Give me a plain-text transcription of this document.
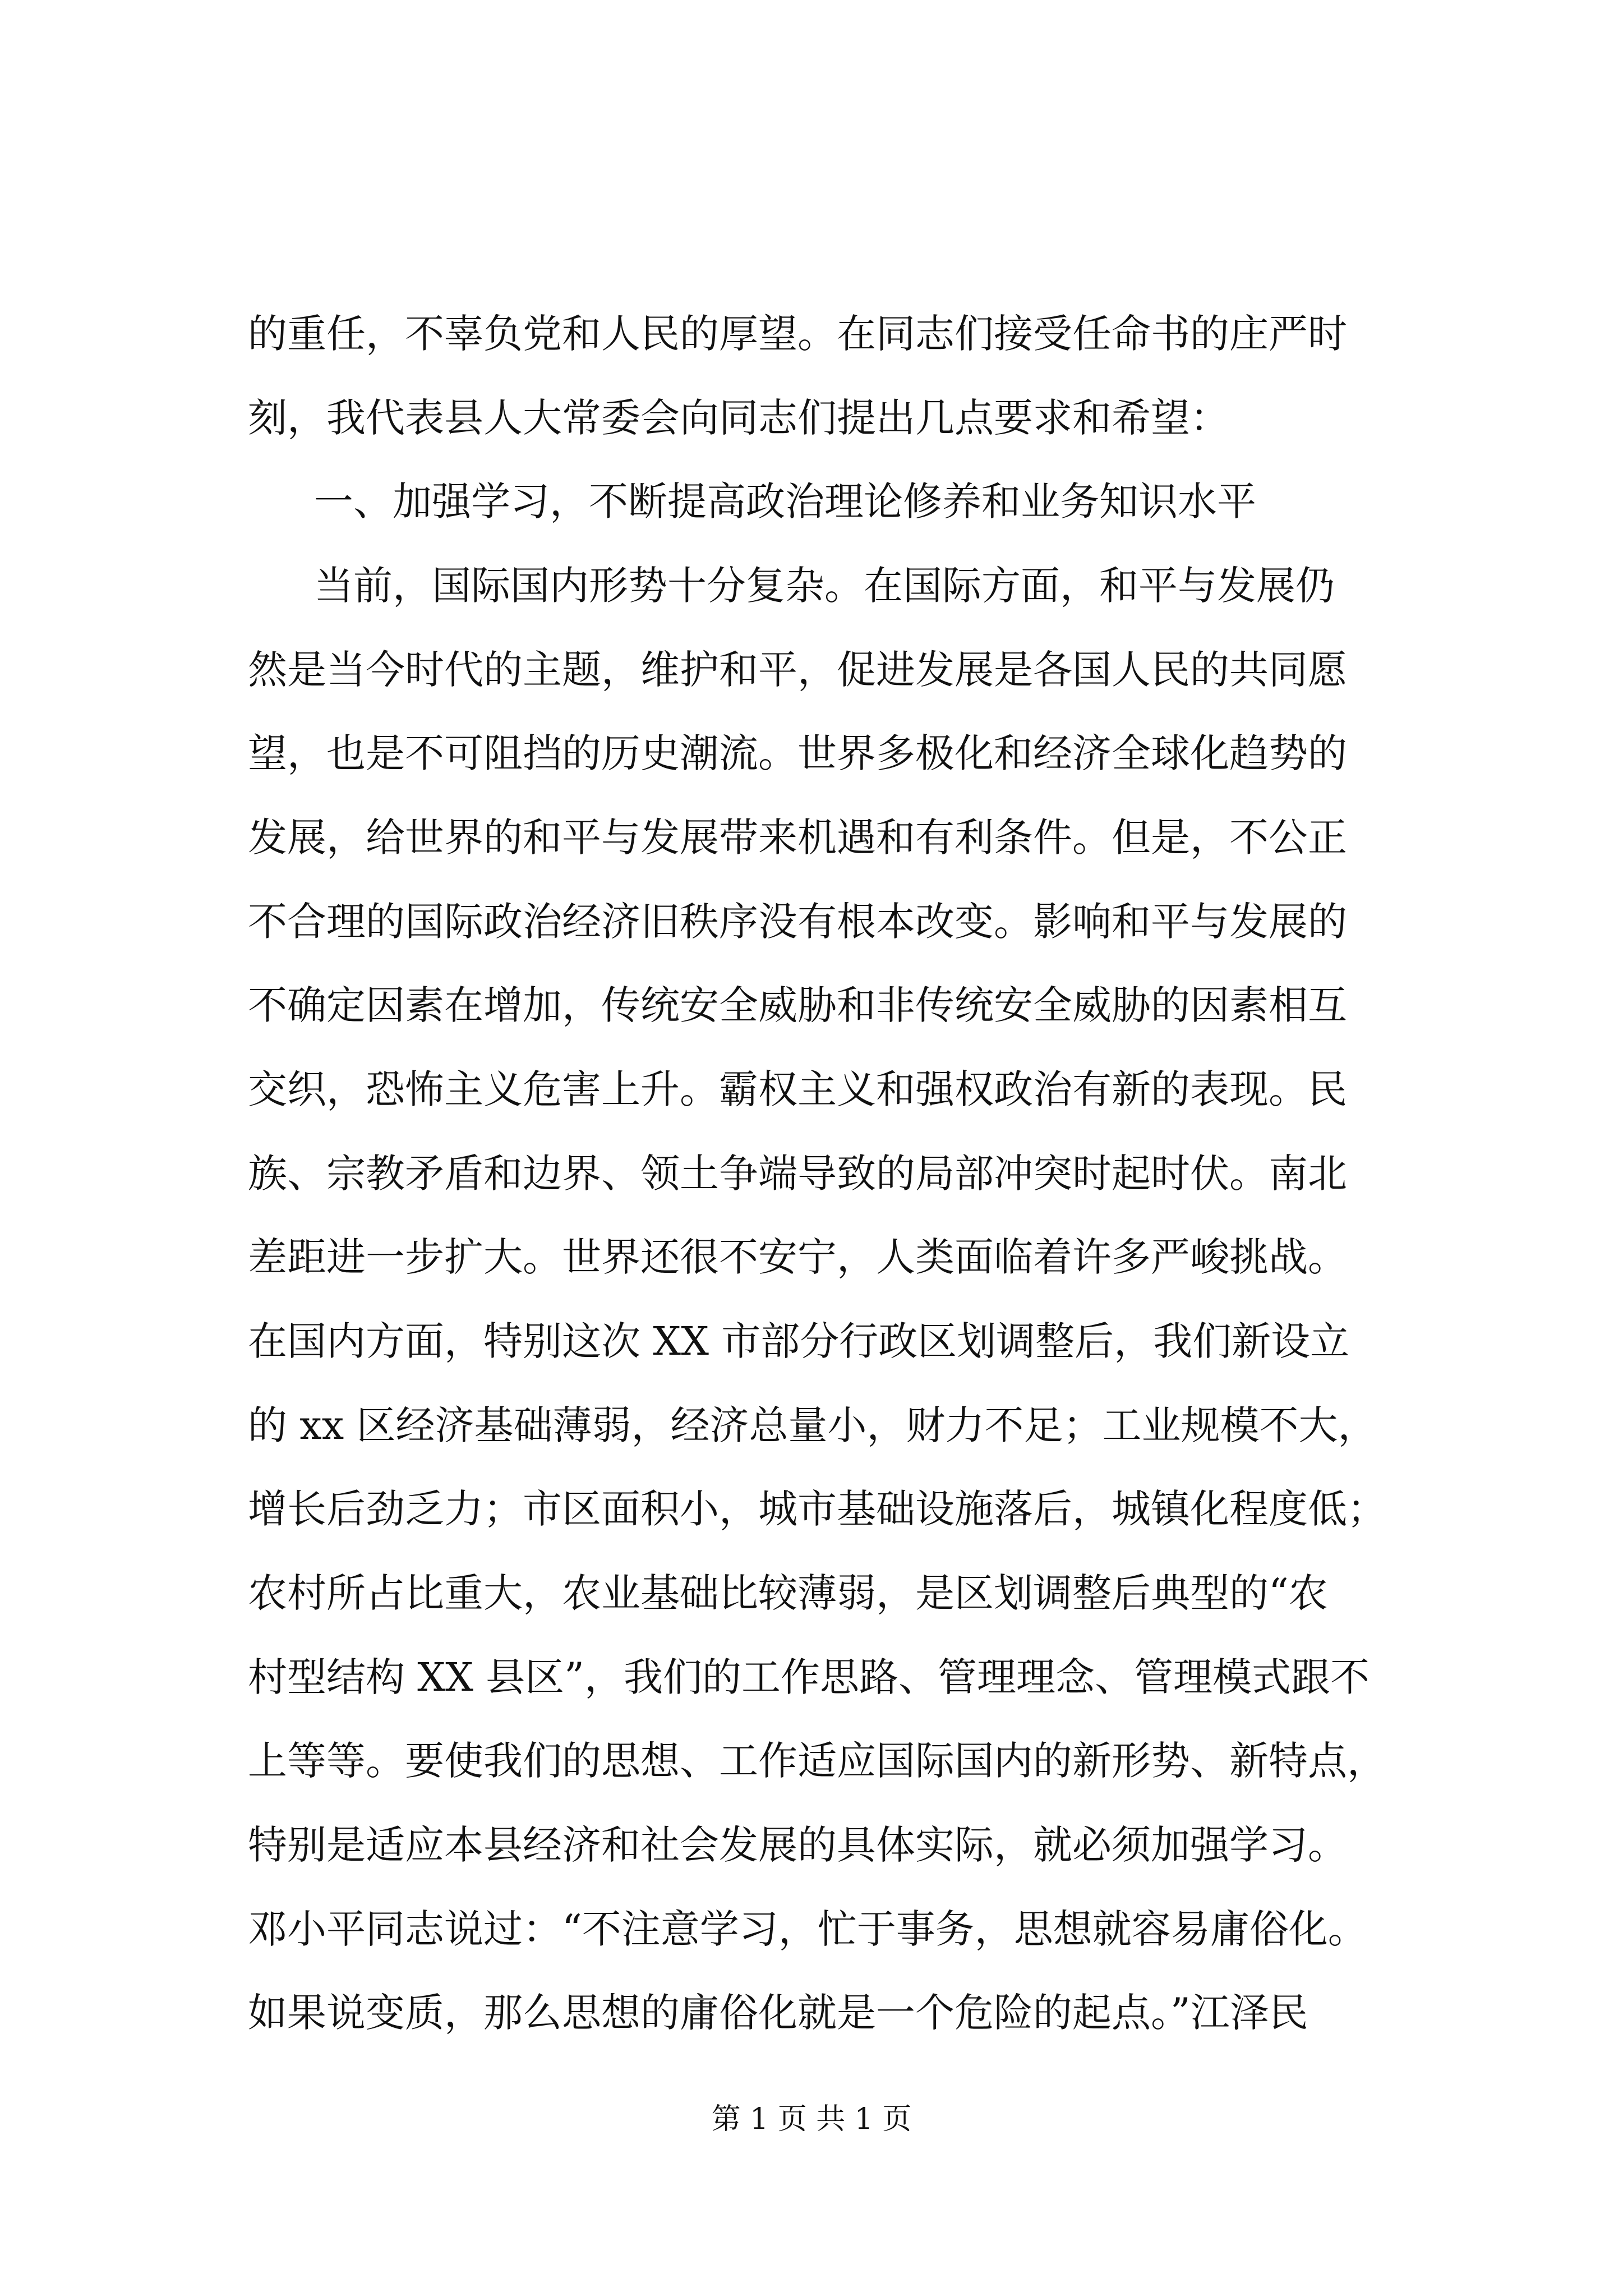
的重任，不辜负党和人民的厚望。在同志们接受任命书的庄严时
刻，我代表县人大常委会向同志们提出几点要求和希望：
一、加强学习，不断提高政治理论修养和业务知识水平
当前，国际国内形势十分复杂。在国际方面，和平与发展仍
然是当今时代的主题，维护和平，促进发展是各国人民的共同愿
望，也是不可阻挡的历史潮流。世界多极化和经济全球化趋势的
发展，给世界的和平与发展带来机遇和有利条件。但是，不公正
不合理的国际政治经济旧秩序没有根本改变。影响和平与发展的
不确定因素在增加，传统安全威胁和非传统安全威胁的因素相互
交织，恐怖主义危害上升。霸权主义和强权政治有新的表现。民
族、宗教矛盾和边界、领土争端导致的局部冲突时起时伏。南北
差距进一步扩大。世界还很不安宁，人类面临着许多严峻挑战。
在国内方面，特别这次 XX 市部分行政区划调整后，我们新设立
的 xx 区经济基础薄弱，经济总量小，财力不足；工业规模不大，
增长后劲乏力；市区面积小，城市基础设施落后，城镇化程度低；
农村所占比重大，农业基础比较薄弱，是区划调整后典型的“农
村型结构 XX 县区”，我们的工作思路、管理理念、管理模式跟不
上等等。要使我们的思想、工作适应国际国内的新形势、新特点，
特别是适应本县经济和社会发展的具体实际，就必须加强学习。
邓小平同志说过：“不注意学习，忙于事务，思想就容易庸俗化。
如果说变质，那么思想的庸俗化就是一个危险的起点。”江泽民
第 1 页 共 1 页
